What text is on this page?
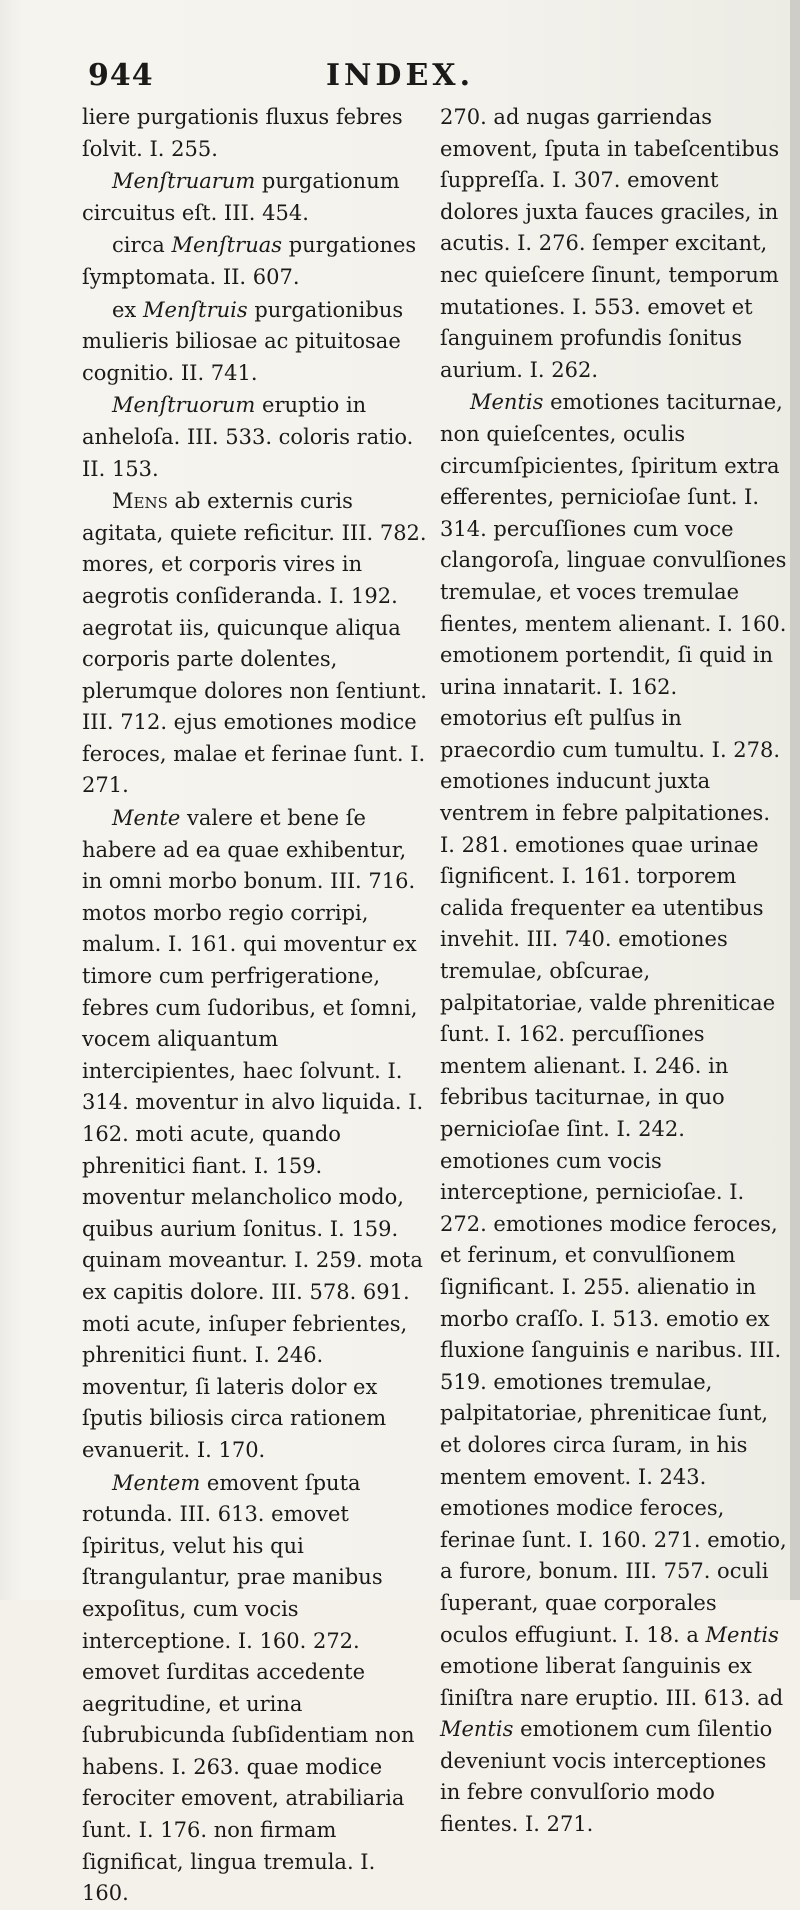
INDEX.
944

liere purgationis fluxus febres ſolvit. I. 255.

Menſtruarum purgationum circuitus eſt. III. 454.

circa Menſtruas purgationes ſymptomata. II. 607.

ex Menſtruis purgationibus mulieris biliosae ac pituitosae cognitio. II. 741.

Menſtruorum eruptio in anheloſa. III. 533. coloris ratio. II. 153.

Mens ab externis curis agitata, quiete reficitur. III. 782. mores, et corporis vires in aegrotis conſideranda. I. 192. aegrotat iis, quicunque aliqua corporis parte dolentes, plerumque dolores non ſentiunt. III. 712. ejus emotiones modice feroces, malae et ferinae ſunt. I. 271.

Mente valere et bene ſe habere ad ea quae exhibentur, in omni morbo bonum. III. 716. motos morbo regio corripi, malum. I. 161. qui moventur ex timore cum perfrigeratione, febres cum ſudoribus, et ſomni, vocem aliquantum intercipientes, haec ſolvunt. I. 314. moventur in alvo liquida. I. 162. moti acute, quando phrenitici fiant. I. 159. moventur melancholico modo, quibus aurium ſonitus. I. 159. quinam moveantur. I. 259. mota ex capitis dolore. III. 578. 691. moti acute, inſuper febrientes, phrenitici fiunt. I. 246. moventur, ſi lateris dolor ex ſputis biliosis circa rationem evanuerit. I. 170.

Mentem emovent ſputa rotunda. III. 613. emovet ſpiritus, velut his qui ſtrangulantur, prae manibus expoſitus, cum vocis interceptione. I. 160. 272. emovet ſurditas accedente aegritudine, et urina ſubrubicunda ſubſidentiam non habens. I. 263. quae modice ferociter emovent, atrabiliaria ſunt. I. 176. non firmam ſignificat, lingua tremula. I. 160.

270. ad nugas garriendas emovent, ſputa in tabeſcentibus ſuppreſſa. I. 307. emovent dolores juxta fauces graciles, in acutis. I. 276. ſemper excitant, nec quieſcere ſinunt, temporum mutationes. I. 553. emovet et ſanguinem profundis ſonitus aurium. I. 262.

Mentis emotiones taciturnae, non quieſcentes, oculis circumſpicientes, ſpiritum extra efferentes, pernicioſae ſunt. I. 314. percuſſiones cum voce clangoroſa, linguae convulſiones tremulae, et voces tremulae fientes, mentem alienant. I. 160. emotionem portendit, ſi quid in urina innatarit. I. 162. emotorius eſt pulſus in praecordio cum tumultu. I. 278. emotiones inducunt juxta ventrem in febre palpitationes. I. 281. emotiones quae urinae ſignificent. I. 161. torporem calida frequenter ea utentibus invehit. III. 740. emotiones tremulae, obſcurae, palpitatoriae, valde phreniticae ſunt. I. 162. percuſſiones mentem alienant. I. 246. in febribus taciturnae, in quo pernicioſae ſint. I. 242. emotiones cum vocis interceptione, pernicioſae. I. 272. emotiones modice feroces, et ferinum, et convulſionem ſignificant. I. 255. alienatio in morbo craſſo. I. 513. emotio ex fluxione ſanguinis e naribus. III. 519. emotiones tremulae, palpitatoriae, phreniticae ſunt, et dolores circa ſuram, in his mentem emovent. I. 243. emotiones modice feroces, ferinae ſunt. I. 160. 271. emotio, a furore, bonum. III. 757. oculi ſuperant, quae corporales oculos effugiunt. I. 18. a Mentis emotione liberat ſanguinis ex ſiniſtra nare eruptio. III. 613. ad Mentis emotionem cum ſilentio deveniunt vocis interceptiones in febre convulſorio modo fientes. I. 271.
